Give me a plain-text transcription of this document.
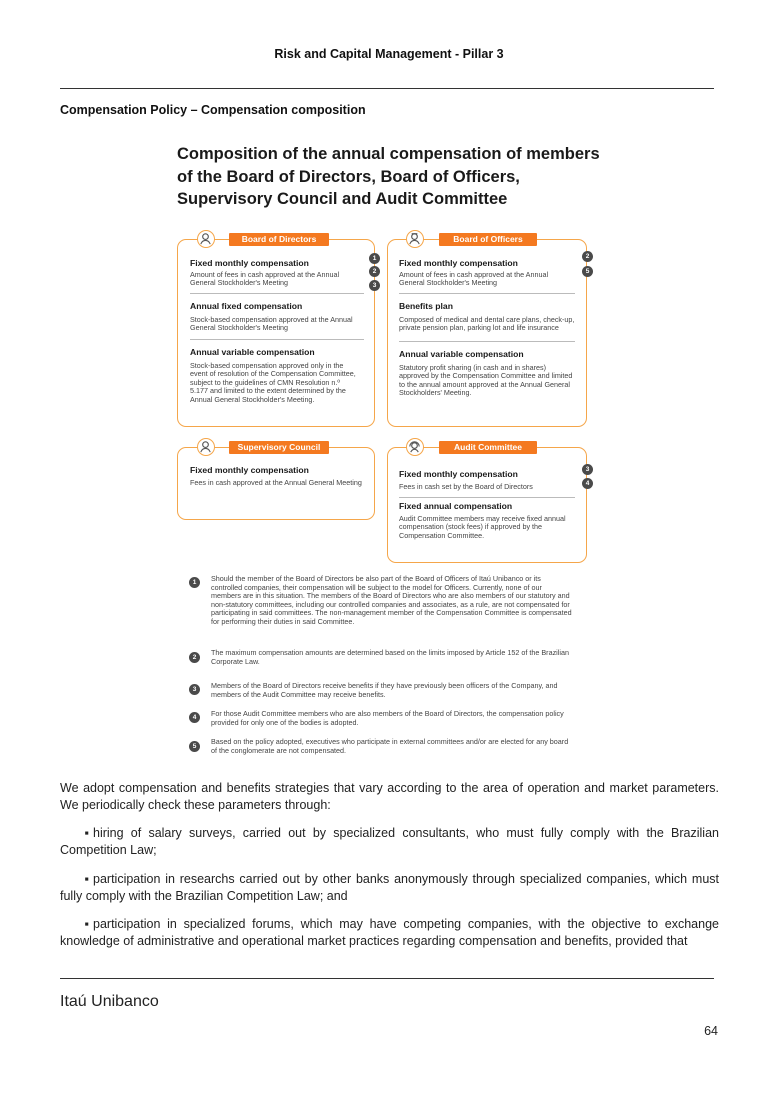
Risk and Capital Management - Pillar 3
Compensation Policy – Compensation composition
Composition of the annual compensation of members of the Board of Directors, Board of Officers, Supervisory Council and Audit Committee
Fixed monthly compensation
Amount of fees in cash approved at the Annual General Stockholder's Meeting
Annual fixed compensation
Stock-based compensation approved at the Annual General Stockholder's Meeting
Annual variable compensation
Stock-based compensation approved only in the event of resolution of the Compensation Committee, subject to the guidelines of CMN Resolution n.º 5.177 and limited to the extent determined by the Annual General Stockholder's Meeting.
Board of Directors
1
2
3
Fixed monthly compensation
Amount of fees in cash approved at the Annual General Stockholder's Meeting
Benefits plan
Composed of medical and dental care plans, check-up, private pension plan, parking lot and life insurance
Annual variable compensation
Statutory profit sharing (in cash and in shares) approved by the Compensation Committee and limited to the annual amount approved at the Annual General Stockholders' Meeting.
Board of Officers
2
5
Fixed monthly compensation
Fees in cash approved at the Annual General Meeting
Supervisory Council
Fixed monthly compensation
Fees in cash set by the Board of Directors
Fixed annual compensation
Audit Committee members may receive fixed annual compensation (stock fees) if approved by the Compensation Committee.
Audit Committee
3
4
1	Should the member of the Board of Directors be also part of the Board of Officers of Itaú Unibanco or its controlled companies, their compensation will be subject to the model for Officers. Currently, none of our members are in this situation. The members of the Board of Directors who are also members of our statutory and non-statutory committees, including our controlled companies and associates, as a rule, are not compensated for participating in said committees. The non-management member of the Compensation Committee is compensated for performing their duties in said Committee.
2
The maximum compensation amounts are determined based on the limits imposed by Article 152 of the Brazilian Corporate Law.
3	Members of the Board of Directors receive benefits if they have previously been officers of the Company, and members of the Audit Committee may receive benefits.
4	For those Audit Committee members who are also members of the Board of Directors, the compensation policy provided for only one of the bodies is adopted.
5
Based on the policy adopted, executives who participate in external committees and/or are elected for any board of the conglomerate are not compensated.
We adopt compensation and benefits strategies that vary according to the area of operation and market parameters. We periodically check these parameters through:
▪ hiring of salary surveys, carried out by specialized consultants, who must fully comply with the Brazilian Competition Law;
▪ participation in researchs carried out by other banks anonymously through specialized companies, which must fully comply with the Brazilian Competition Law; and
▪ participation in specialized forums, which may have competing companies, with the objective to exchange knowledge of administrative and operational market practices regarding compensation and benefits, provided that
Itaú Unibanco
64
